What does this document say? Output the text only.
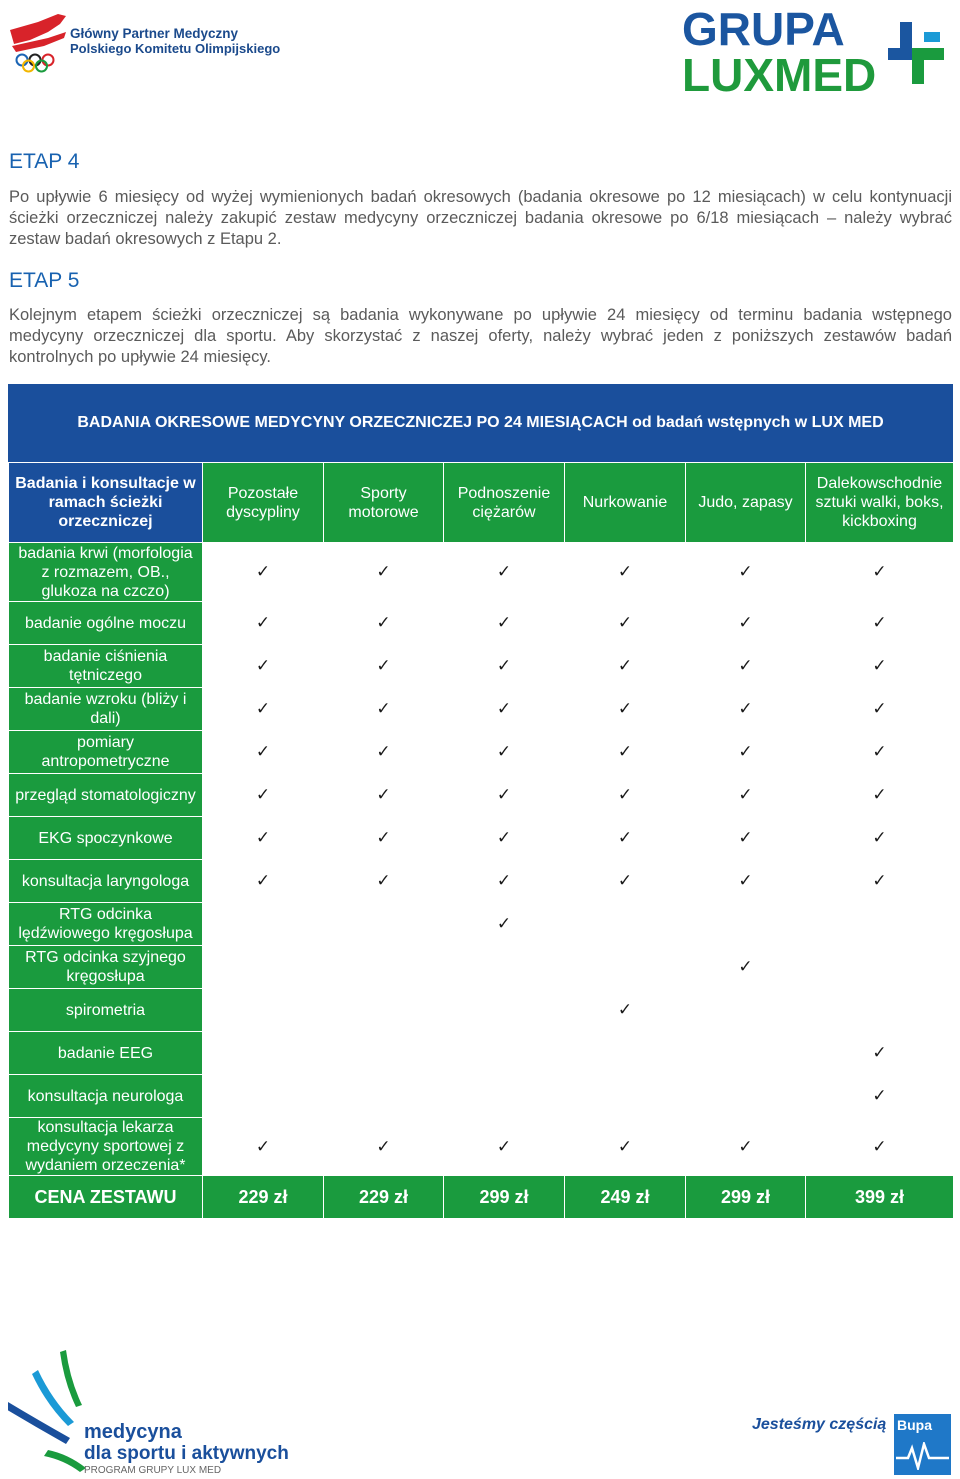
Główny Partner Medyczny
Polskiego Komitetu Olimpijskiego	GRUPA
LUXMED
ETAP 4

Po upływie 6 miesięcy od wyżej wymienionych badań okresowych (badania okresowe po 12 miesiącach) w celu kontynuacji ścieżki orzeczniczej należy zakupić zestaw medycyny orzeczniczej badania okresowe po 6/18 miesiącach – należy wybrać zestaw badań okresowych z Etapu 2.

ETAP 5

Kolejnym etapem ścieżki orzeczniczej są badania wykonywane po upływie 24 miesięcy od terminu badania wstępnego medycyny orzeczniczej dla sportu. Aby skorzystać z naszej oferty, należy wybrać jeden z poniższych zestawów badań kontrolnych po upływie 24 miesięcy.

BADANIA OKRESOWE MEDYCYNY ORZECZNICZEJ PO 24 MIESIĄCACH od badań wstępnych w LUX MED
Badania i konsultacje w ramach ścieżki orzeczniczej	Pozostałe dyscypliny	Sporty motorowe	Podnoszenie ciężarów	Nurkowanie	Judo, zapasy	Dalekowschodnie sztuki walki, boks, kickboxing
badania krwi (morfologia z rozmazem, OB., glukoza na czczo)	✓	✓	✓	✓	✓	✓
badanie ogólne moczu	✓	✓	✓	✓	✓	✓
badanie ciśnienia tętniczego	✓	✓	✓	✓	✓	✓
badanie wzroku (bliży i dali)	✓	✓	✓	✓	✓	✓
pomiary antropometryczne	✓	✓	✓	✓	✓	✓
przegląd stomatologiczny	✓	✓	✓	✓	✓	✓
EKG spoczynkowe	✓	✓	✓	✓	✓	✓
konsultacja laryngologa	✓	✓	✓	✓	✓	✓
RTG odcinka lędźwiowego kręgosłupa			✓			
RTG odcinka szyjnego kręgosłupa					✓	
spirometria				✓		
badanie EEG						✓
konsultacja neurologa						✓
konsultacja lekarza medycyny sportowej z wydaniem orzeczenia*	✓	✓	✓	✓	✓	✓
CENA ZESTAWU	229 zł	229 zł	299 zł	249 zł	299 zł	399 zł
medycyna
dla sportu i aktywnych
PROGRAM GRUPY LUX MED
Jesteśmy częścią Bupa
